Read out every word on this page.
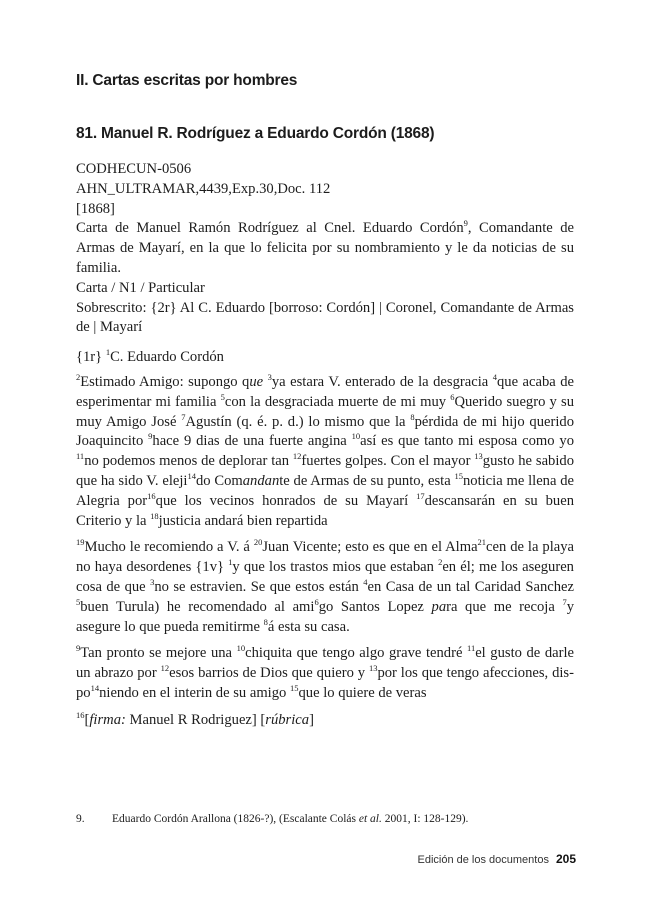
II. Cartas escritas por hombres
81. Manuel R. Rodríguez a Eduardo Cordón (1868)
CODHECUN-0506
AHN_ULTRAMAR,4439,Exp.30,Doc. 112
[1868]
Carta de Manuel Ramón Rodríguez al Cnel. Eduardo Cordón$^9$, Comandante de Armas de Mayarí, en la que lo felicita por su nombramiento y le da noticias de su familia.
Carta / N1 / Particular
Sobrescrito: {2r} Al C. Eduardo [borroso: Cordón] | Coronel, Comandante de Armas de | Mayarí
{1r} $^1$C. Eduardo Cordón
$^2$Estimado Amigo: supongo que $^3$ya estara V. enterado de la desgracia $^4$que acaba de esperimentar mi familia $^5$con la desgraciada muerte de mi muy $^6$Querido suegro y su muy Amigo José $^7$Agustín (q. é. p. d.) lo mismo que la $^8$pérdida de mi hijo querido Joaquincito $^9$hace 9 dias de una fuerte angina $^{10}$así es que tanto mi esposa como yo $^{11}$no podemos menos de deplorar tan $^{12}$fuertes golpes. Con el mayor $^{13}$gusto he sabido que ha sido V. eleji$^{14}$do Comandante de Armas de su punto, esta $^{15}$noticia me llena de Alegria por$^{16}$que los vecinos honrados de su Mayarí $^{17}$descansarán en su buen Criterio y la $^{18}$justicia andará bien repartida
$^{19}$Mucho le recomiendo a V. á $^{20}$Juan Vicente; esto es que en el Alma$^{21}$cen de la playa no haya desordenes {1v} $^1$y que los trastos mios que estaban $^2$en él; me los aseguren cosa de que $^3$no se estravien. Se que estos están $^4$en Casa de un tal Caridad Sanchez $^5$buen Turula) he recomendado al ami$^6$go Santos Lopez para que me recoja $^7$y asegure lo que pueda remitirme $^8$á esta su casa.
$^9$Tan pronto se mejore una $^{10}$chiquita que tengo algo grave tendré $^{11}$el gusto de darle un abrazo por $^{12}$esos barrios de Dios que quiero y $^{13}$por los que tengo afecciones, dis-$po^{14}niendo$ en el interin de su amigo $^{15}$que lo quiere de veras
$^{16}$[firma: Manuel R Rodriguez] [rúbrica]
9. Eduardo Cordón Arallona (1826-?), (Escalante Colás et al. 2001, I: 128-129).
Edición de los documentos 205
